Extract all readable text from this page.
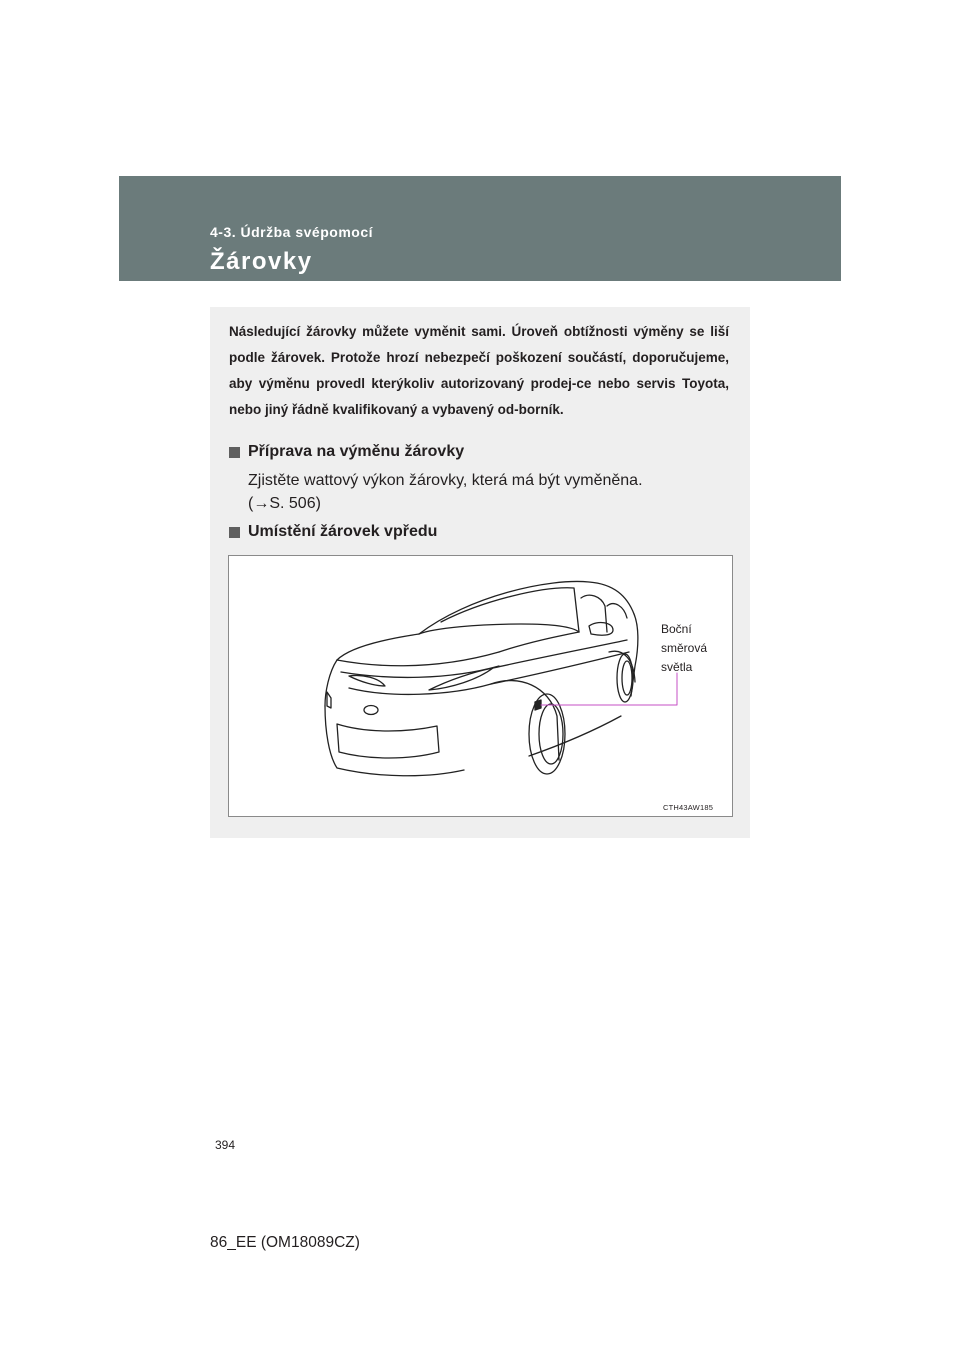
4-3. Údržba svépomocí
Žárovky

Následující žárovky můžete vyměnit sami. Úroveň obtížnosti výměny se liší podle žárovek. Protože hrozí nebezpečí poškození součástí, doporučujeme, aby výměnu provedl kterýkoliv autorizovaný prodej-ce nebo servis Toyota, nebo jiný řádně kvalifikovaný a vybavený od-borník.

Příprava na výměnu žárovky
Zjistěte wattový výkon žárovky, která má být vyměněna.
(→S. 506)
Umístění žárovek vpředu
Boční
směrová
světla
CTH43AW185
394
86_EE (OM18089CZ)
